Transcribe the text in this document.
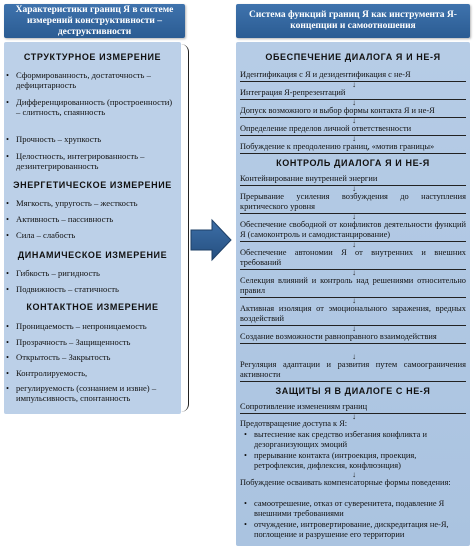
Характеристики границ Я в системе измерений конструктивности – деструктивности
СТРУКТУРНОЕ ИЗМЕРЕНИЕ
• Сформированность, достаточность – дефицитарность
• Дифференцированность (простроенности) – слитность, спаянность
• Прочность – хрупкость
• Целостность, интегрированность – дезинтегрированность
ЭНЕРГЕТИЧЕСКОЕ ИЗМЕРЕНИЕ
• Мягкость, упругость – жесткость
• Активность – пассивность
• Сила – слабость
ДИНАМИЧЕСКОЕ ИЗМЕРЕНИЕ
• Гибкость – ригидность
• Подвижность – статичность
КОНТАКТНОЕ ИЗМЕРЕНИЕ
• Проницаемость – непроницаемость
• Прозрачность – Защищенность
• Открытость – Закрытость
• Контролируемость,
• регулируемость (сознанием и извне) – импульсивность, спонтанность
Система функций границ Я как инструмента Я-концепции и самоотношения
ОБЕСПЕЧЕНИЕ ДИАЛОГА Я И НЕ-Я
Идентификация с Я и дезидентификация с не-Я
↓
Интеграция Я-репрезентаций
↓
Допуск возможного и выбор формы контакта Я и не-Я
↓
Определение пределов личной ответственности
↓
Побуждение к преодолению границ, «мотив границы»
КОНТРОЛЬ ДИАЛОГА Я И НЕ-Я
Контейнирование внутренней энергии
↓
Прерывание усиления возбуждения до наступления критического уровня
↓
Обеспечение свободной от конфликтов деятельности функций Я (самоконтроль и самодистанцирование)
↓
Обеспечение автономии Я от внутренних и внешних требований
↓
Селекция влияний и контроль над решениями относительно правил
↓
Активная изоляция от эмоционального заражения, вредных воздействий
↓
Создание возможности равноправного взаимодействия
↓
Регуляция адаптации и развития путем самоограничения активности
ЗАЩИТЫ Я В ДИАЛОГЕ С НЕ-Я
Сопротивление изменениям границ
↓
Предотвращение доступа к Я:
• вытеснение как средство избегания конфликта и дезорганизующих эмоций
• прерывание контакта (интроекция, проекция, ретрофлексия, дифлексия, конфлюэнция)
↓
Побуждение осваивать компенсаторные формы поведения:
• самоотрешение, отказ от суверенитета, подавление Я внешними требованиями
• отчуждение, интровертирование, дискредитация не-Я, поглощение и разрушение его территории
